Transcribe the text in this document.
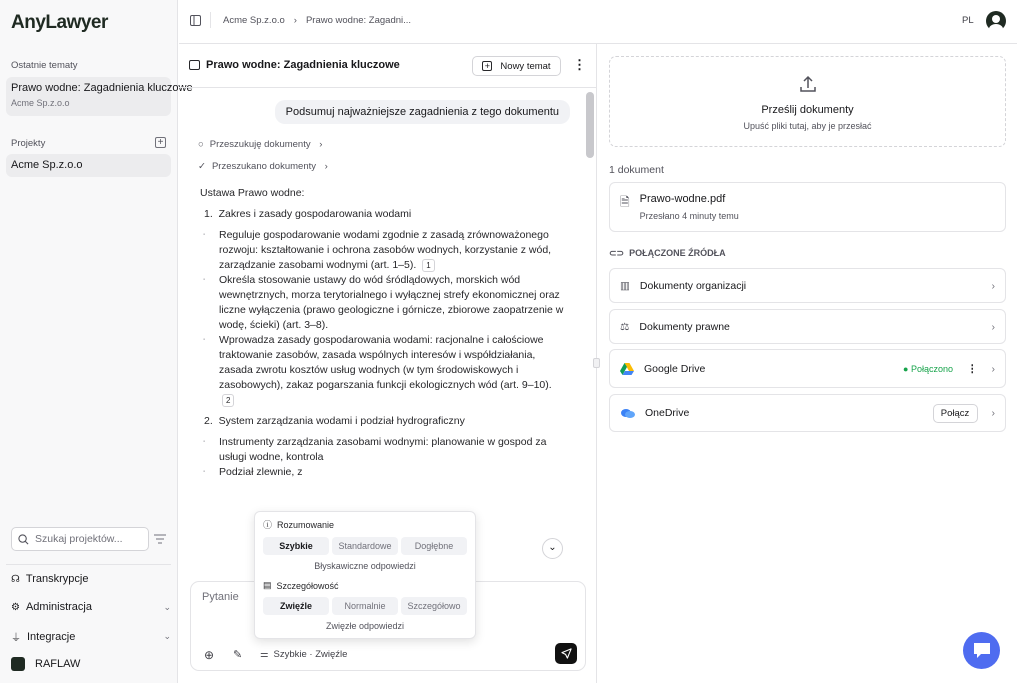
AnyLawyer
Ostatnie tematy
Prawo wodne: Zagadnienia kluczowe
Acme Sp.z.o.o
Projekty	+
Acme Sp.z.o.o
Szukaj projektów...
☊ Transkrypcje
⚙ Administracja	⌄
⏚ Integracje	⌄
RAFLAW
Acme Sp.z.o.o › Prawo wodne: Zagadni...	PL
Prawo wodne: Zagadnienia kluczowe	+ Nowy temat ⋮
Podsumuj najważniejsze zagadnienia z tego dokumentu
○ Przeszukuję dokumenty ›
✓ Przeszukano dokumenty ›
Ustawa Prawo wodne:
1. Zakres i zasady gospodarowania wodami
▪ Reguluje gospodarowanie wodami zgodnie z zasadą zrównoważonego rozwoju: kształtowanie i ochrona zasobów wodnych, korzystanie z wód, zarządzanie zasobami wodnymi (art. 1–5). 1
▪ Określa stosowanie ustawy do wód śródlądowych, morskich wód wewnętrznych, morza terytorialnego i wyłącznej strefy ekonomicznej oraz liczne wyłączenia (prawo geologiczne i górnicze, zbiorowe zaopatrzenie w wodę, ścieki) (art. 3–8).
▪ Wprowadza zasady gospodarowania wodami: racjonalne i całościowe traktowanie zasobów, zasada wspólnych interesów i współdziałania, zasada zwrotu kosztów usług wodnych (w tym środowiskowych i zasobowych), zakaz pogarszania funkcji ekologicznych wód (art. 9–10). 2
2. System zarządzania wodami i podział hydrograficzny
▪ Instrumenty zarządzania zasobami wodnymi: planowanie w gospod za usługi wodne, kontrola
▪ Podział zlewnie, z
⌄
Pytanie
⊕ ✎ ⚌ Szybkie · Zwięźle
ⓘ Rozumowanie
Szybkie	Standardowe	Dogłębne
Błyskawiczne odpowiedzi
▤ Szczegółowość
Zwięźle	Normalnie	Szczegółowo
Zwięzłe odpowiedzi
Prześlij dokumenty
Upuść pliki tutaj, aby je przesłać
1 dokument
🗎 Prawo-wodne.pdf
Przesłano 4 minuty temu
⊂⊃ POŁĄCZONE ŹRÓDŁA
▥ Dokumenty organizacji	›
⚖ Dokumenty prawne	›
Google Drive	● Połączono ⋮ ›
OneDrive	Połącz	›
